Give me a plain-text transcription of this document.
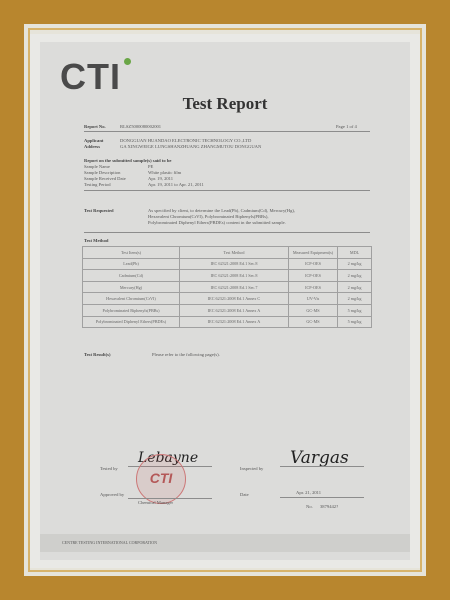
CTI
Test Report
Report No.	RLSZ5000080002001	Page 1 of 4
Applicant	DONGGUAN HUANDAO ELECTRONIC TECHNOLOGY CO.,LTD
Address	GA XINGWEIGE LUNGSHANZHUANG ZHANGMUTOU DONGGUAN
Report on the submitted sample(s) said to be
Sample Name	PE
Sample Description	White plastic film
Sample Received Date	Apr. 19, 2011
Testing Period	Apr. 19, 2011 to Apr. 21, 2011
Test Requested	As specified by client, to determine the Lead(Pb), Cadmium(Cd), Mercury(Hg),
Hexavalent Chromium(CrVI), Polybrominated Biphenyls(PBBs),
Polybrominated Diphenyl Ethers(PBDEs) content in the submitted sample.
Test Method
Test Item(s)	Test Method	Measured Equipment(s)	MDL
Lead(Pb)	IEC 62321:2008 Ed.1 Sec.8	ICP-OES	2 mg/kg
Cadmium(Cd)	IEC 62321:2008 Ed.1 Sec.8	ICP-OES	2 mg/kg
Mercury(Hg)	IEC 62321:2008 Ed.1 Sec.7	ICP-OES	2 mg/kg
Hexavalent Chromium(CrVI)	IEC 62321:2008 Ed.1 Annex C	UV-Vis	2 mg/kg
Polybrominated Biphenyls(PBBs)	IEC 62321:2008 Ed.1 Annex A	GC-MS	5 mg/kg
Polybrominated Diphenyl Ethers(PBDEs)	IEC 62321:2008 Ed.1 Annex A	GC-MS	5 mg/kg
Test Result(s)	Please refer to the following page(s).
Tested by
Lebayne
Inspected by
Vargas
CTI
Approved by
Chemical Manager
Date	Apr. 21, 2011
No. 3879442?
CENTRE TESTING INTERNATIONAL CORPORATION
